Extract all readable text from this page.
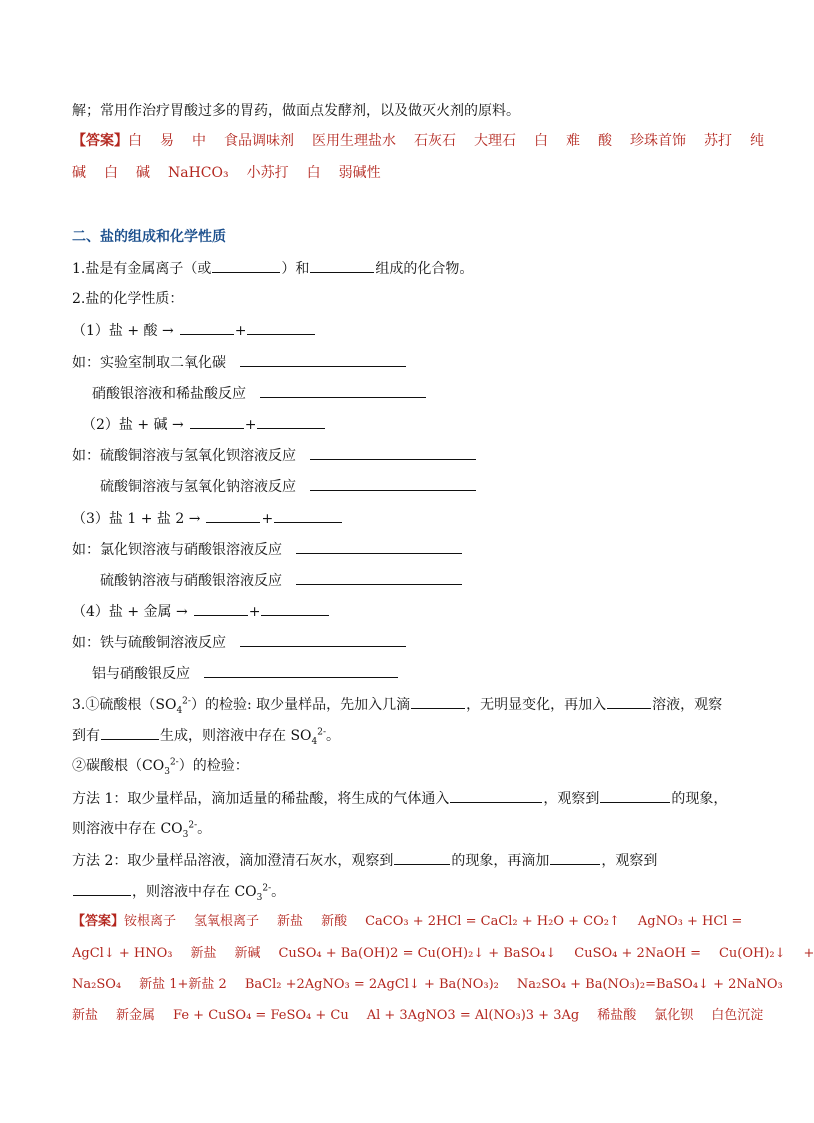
解；常用作治疗胃酸过多的胃药，做面点发酵剂，以及做灭火剂的原料。
【答案】白 易 中 食品调味剂 医用生理盐水 石灰石 大理石 白 难 酸 珍珠首饰 苏打 纯
碱 白 碱 NaHCO₃ 小苏打 白 弱碱性
二、盐的组成和化学性质
1.盐是有金属离子（或	）和	组成的化合物。
2.盐的化学性质：
（1）盐 + 酸 →	+
如：实验室制取二氧化碳
硝酸银溶液和稀盐酸反应
（2）盐 + 碱 →	+
如：硫酸铜溶液与氢氧化钡溶液反应
硫酸铜溶液与氢氧化钠溶液反应
（3）盐 1 + 盐 2 →	+
如：氯化钡溶液与硝酸银溶液反应
硫酸钠溶液与硝酸银溶液反应
（4）盐 + 金属 →	+
如：铁与硫酸铜溶液反应
铝与硝酸银反应
3.①硫酸根$(SO_4^{2-})$的检验: 取少量样品，先加入几滴	，无明显变化，再加入	溶液，观察
到有	生成，则溶液中存在 $SO_4^{2-}$。
②碳酸根$(CO_3^{2-})$的检验：
方法 1：取少量样品，滴加适量的稀盐酸，将生成的气体通入	，观察到	的现象，
则溶液中存在 $CO_3^{2-}$。
方法 2：取少量样品溶液，滴加澄清石灰水，观察到	的现象，再滴加	，观察到
，则溶液中存在 $CO_3^{2-}$。
【答案】铵根离子 氢氧根离子 新盐 新酸 CaCO₃ + 2HCl = CaCl₂ + H₂O + CO₂↑ AgNO₃ + HCl =
AgCl↓ + HNO₃ 新盐 新碱 CuSO₄ + Ba(OH)2 = Cu(OH)₂↓ + BaSO₄↓ CuSO₄ + 2NaOH = Cu(OH)₂↓ +
Na₂SO₄ 新盐 1+新盐 2 BaCl₂ +2AgNO₃ = 2AgCl↓ + Ba(NO₃)₂ Na₂SO₄ + Ba(NO₃)₂=BaSO₄↓ + 2NaNO₃
新盐 新金属 Fe + CuSO₄ = FeSO₄ + Cu Al + 3AgNO3 = Al(NO₃)3 + 3Ag 稀盐酸 氯化钡 白色沉淀
